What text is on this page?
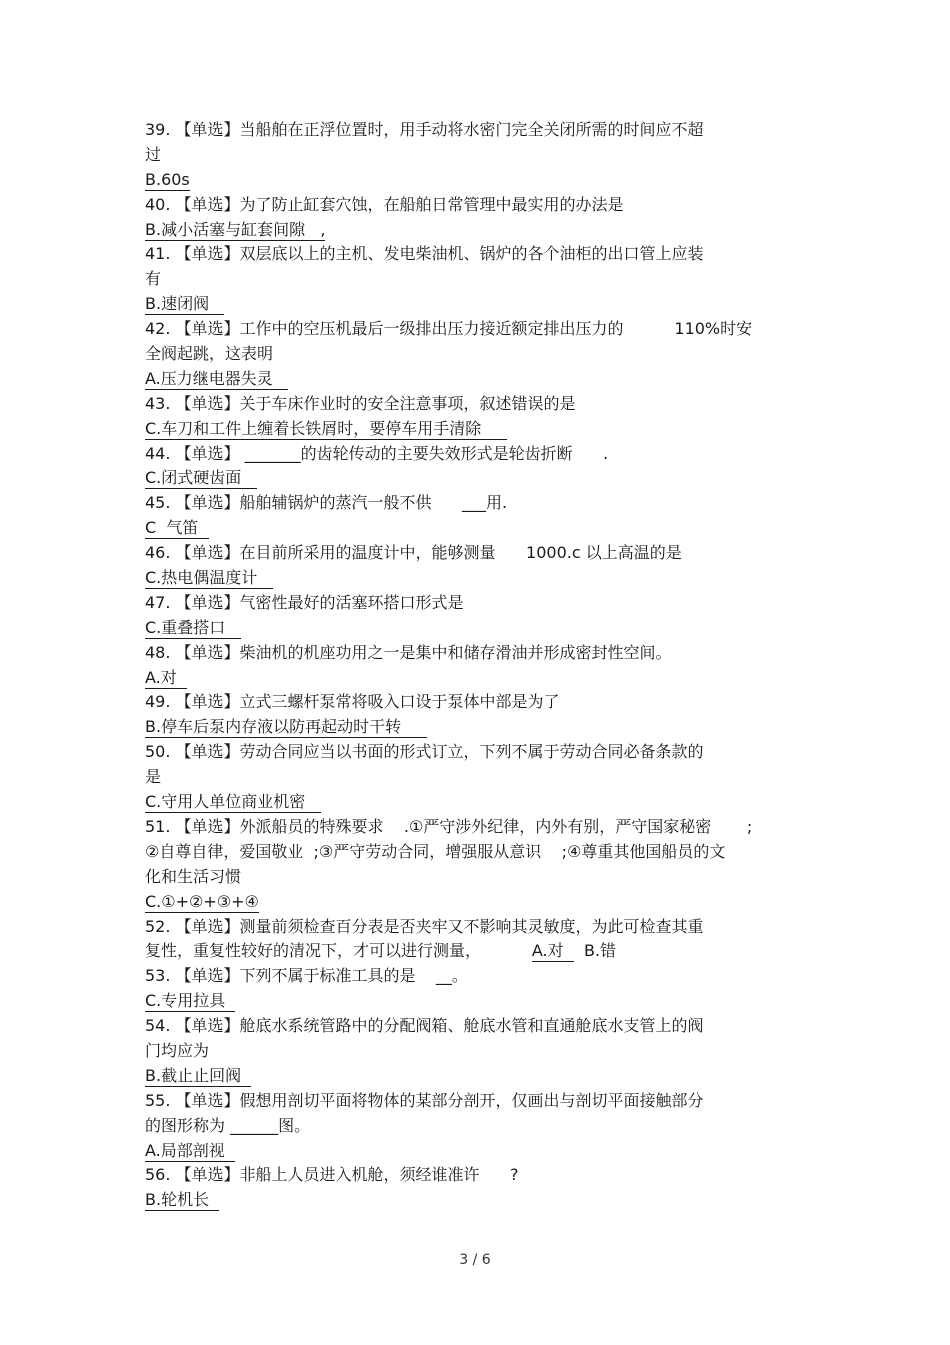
39. 【单选】当船舶在正浮位置时，用手动将水密门完全关闭所需的时间应不超
过
B.60s
40. 【单选】为了防止缸套穴蚀，在船舶日常管理中最实用的办法是
B.减小活塞与缸套间隙   ,
41. 【单选】双层底以上的主机、发电柴油机、锅炉的各个油柜的出口管上应装
有
B.速闭阀
42. 【单选】工作中的空压机最后一级排出压力接近额定排出压力的          110%时安
全阀起跳，这表明
A.压力继电器失灵
43. 【单选】关于车床作业时的安全注意事项，叙述错误的是
C.车刀和工件上缠着长铁屑时，要停车用手清除
44. 【单选】 _______的齿轮传动的主要失效形式是轮齿折断      .
C.闭式硬齿面
45. 【单选】船舶辅锅炉的蒸汽一般不供      ___用.
C  气笛
46. 【单选】在目前所采用的温度计中，能够测量      1000.c 以上高温的是
C.热电偶温度计
47. 【单选】气密性最好的活塞环搭口形式是
C.重叠搭口
48. 【单选】柴油机的机座功用之一是集中和储存滑油并形成密封性空间。
A.对
49. 【单选】立式三螺杆泵常将吸入口设于泵体中部是为了
B.停车后泵内存液以防再起动时干转
50. 【单选】劳动合同应当以书面的形式订立，下列不属于劳动合同必备条款的
是
C.守用人单位商业机密
51. 【单选】外派船员的特殊要求    .①严守涉外纪律，内外有别，严守国家秘密       ;
②自尊自律，爱国敬业  ;③严守劳动合同，增强服从意识    ;④尊重其他国船员的文
化和生活习惯
C.①+②+③+④
52. 【单选】测量前须检查百分表是否夹牢又不影响其灵敏度，为此可检查其重
复性，重复性较好的清况下，才可以进行测量，          A.对    B.错
53. 【单选】下列不属于标准工具的是    __。
C.专用拉具
54. 【单选】舱底水系统管路中的分配阀箱、舱底水管和直通舱底水支管上的阀
门均应为
B.截止止回阀
55. 【单选】假想用剖切平面将物体的某部分剖开，仅画出与剖切平面接触部分
的图形称为 ______图。
A.局部剖视
56. 【单选】非船上人员进入机舱，须经谁准许      ?
B.轮机长
3 / 6
